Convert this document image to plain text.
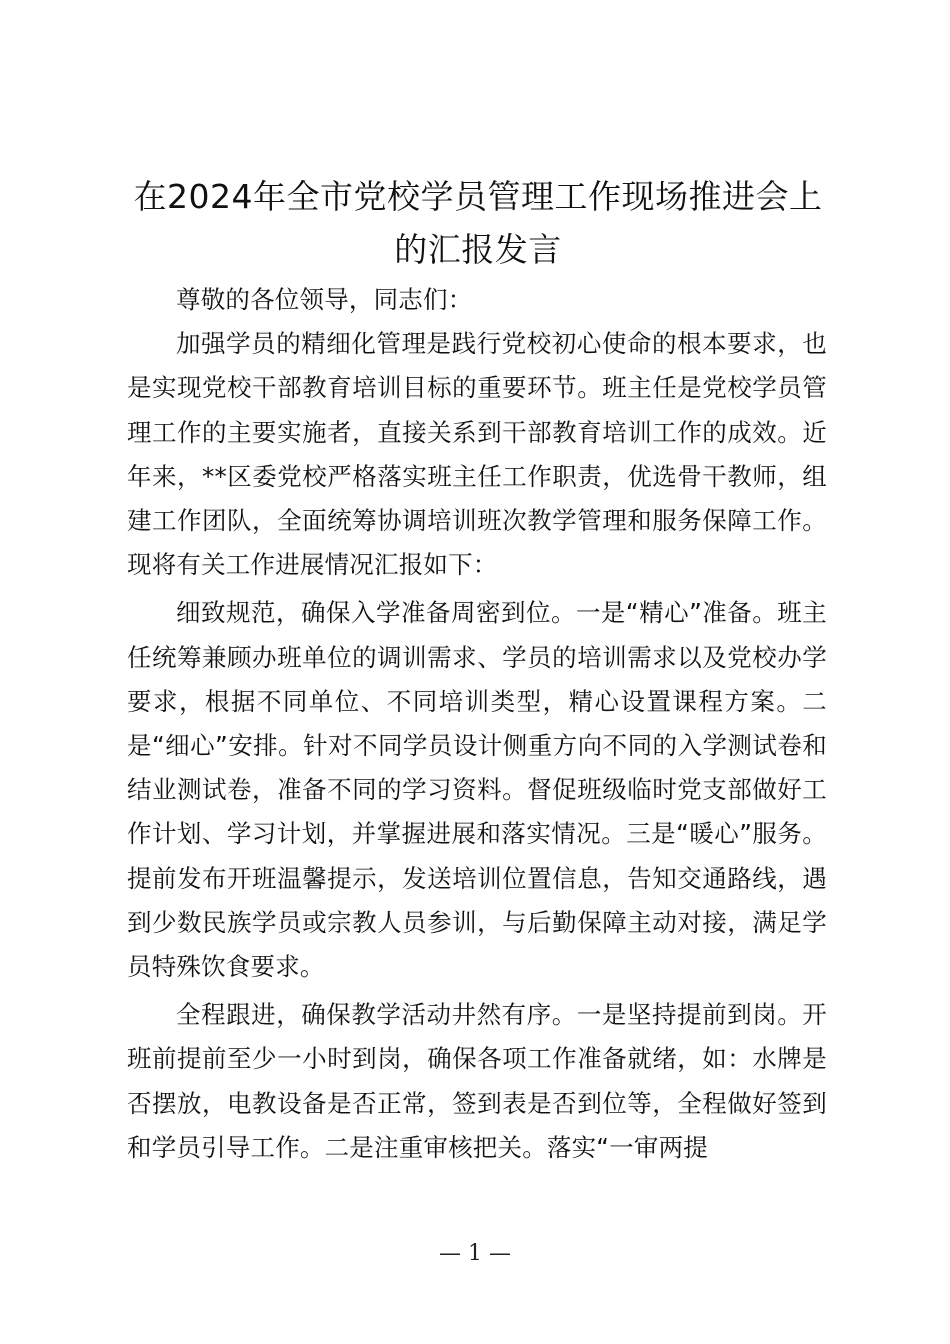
在2024年全市党校学员管理工作现场推进会上的汇报发言

尊敬的各位领导，同志们：

加强学员的精细化管理是践行党校初心使命的根本要求，也是实现党校干部教育培训目标的重要环节。班主任是党校学员管理工作的主要实施者，直接关系到干部教育培训工作的成效。近年来，**区委党校严格落实班主任工作职责，优选骨干教师，组建工作团队，全面统筹协调培训班次教学管理和服务保障工作。现将有关工作进展情况汇报如下：

细致规范，确保入学准备周密到位。一是“精心”准备。班主任统筹兼顾办班单位的调训需求、学员的培训需求以及党校办学要求，根据不同单位、不同培训类型，精心设置课程方案。二是“细心”安排。针对不同学员设计侧重方向不同的入学测试卷和结业测试卷，准备不同的学习资料。督促班级临时党支部做好工作计划、学习计划，并掌握进展和落实情况。三是“暖心”服务。提前发布开班温馨提示，发送培训位置信息，告知交通路线，遇到少数民族学员或宗教人员参训，与后勤保障主动对接，满足学员特殊饮食要求。

全程跟进，确保教学活动井然有序。一是坚持提前到岗。开班前提前至少一小时到岗，确保各项工作准备就绪，如：水牌是否摆放，电教设备是否正常，签到表是否到位等，全程做好签到和学员引导工作。二是注重审核把关。落实“一审两提

— 1 —
